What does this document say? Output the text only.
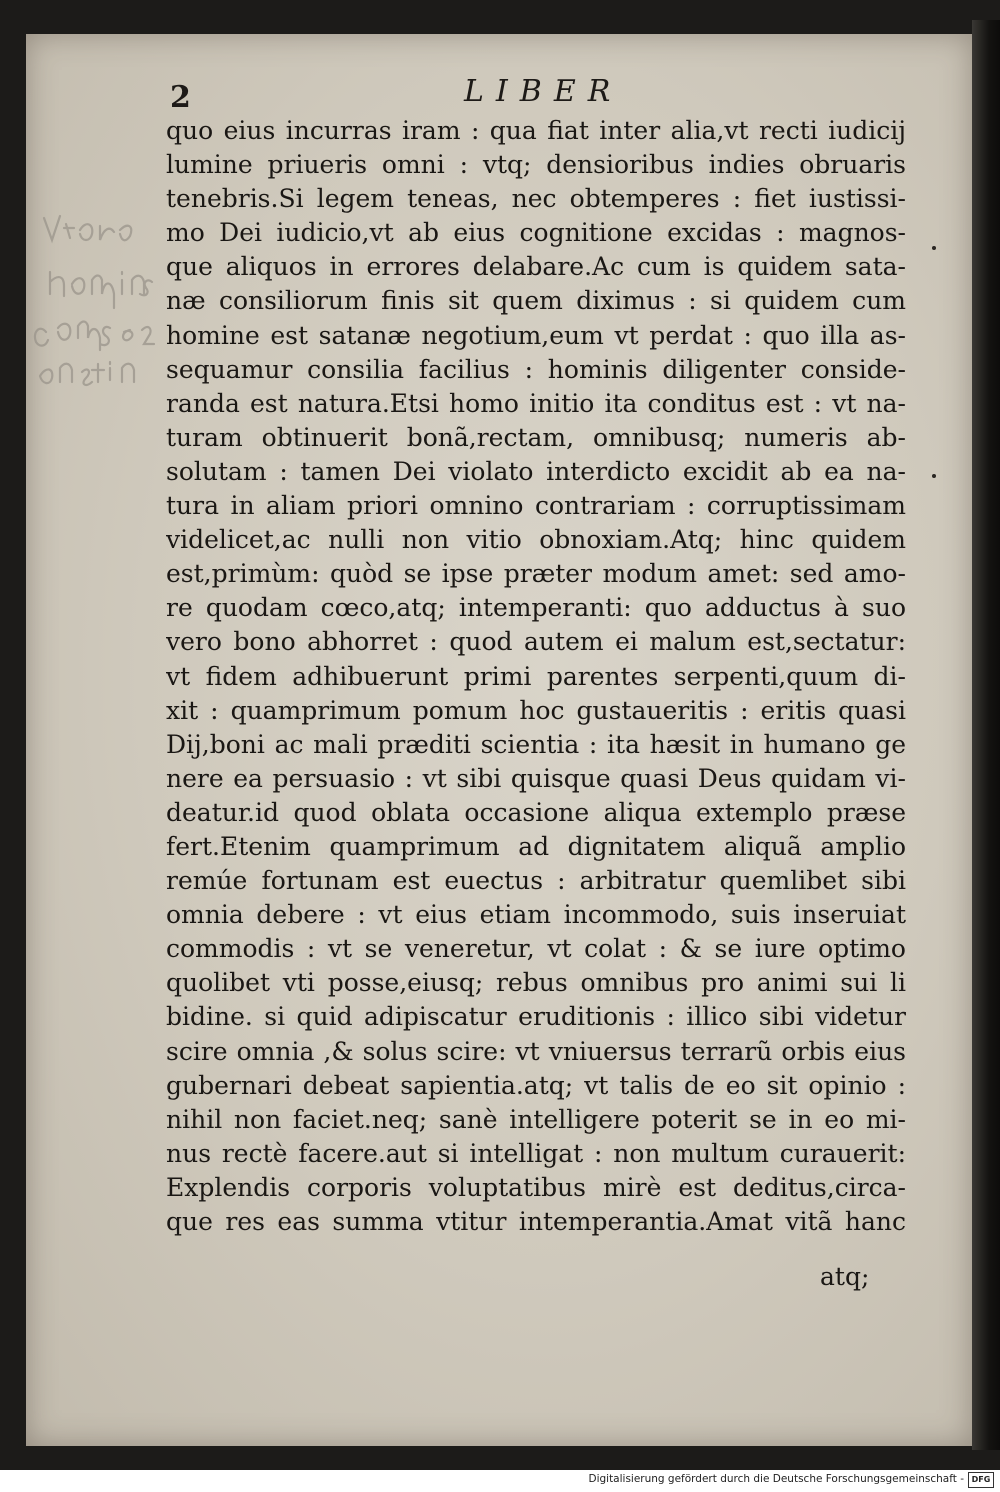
2	LIBER
quo eius incurras iram : qua fiat inter alia,vt recti iudicij
lumine priueris omni : vtq; densioribus indies obruaris
tenebris.Si legem teneas, nec obtemperes : fiet iustissi-
mo Dei iudicio,vt ab eius cognitione excidas : magnos-
que aliquos in errores delabare.Ac cum is quidem sata-
næ consiliorum finis sit quem diximus : si quidem cum
homine est satanæ negotium,eum vt perdat : quo illa as-
sequamur consilia facilius : hominis diligenter conside-
randa est natura.Etsi homo initio ita conditus est : vt na-
turam obtinuerit bonã,rectam, omnibusq; numeris ab-
solutam : tamen Dei violato interdicto excidit ab ea na-
tura in aliam priori omnino contrariam : corruptissimam
videlicet,ac nulli non vitio obnoxiam.Atq; hinc quidem
est,primùm: quòd se ipse præter modum amet: sed amo-
re quodam cœco,atq; intemperanti: quo adductus à suo
vero bono abhorret : quod autem ei malum est,sectatur:
vt fidem adhibuerunt primi parentes serpenti,quum di-
xit : quamprimum pomum hoc gustaueritis : eritis quasi
Dij,boni ac mali præditi scientia : ita hæsit in humano ge
nere ea persuasio : vt sibi quisque quasi Deus quidam vi-
deatur.id quod oblata occasione aliqua extemplo præse
fert.Etenim quamprimum ad dignitatem aliquã amplio
remúe fortunam est euectus : arbitratur quemlibet sibi
omnia debere : vt eius etiam incommodo, suis inseruiat
commodis : vt se veneretur, vt colat : & se iure optimo
quolibet vti posse,eiusq; rebus omnibus pro animi sui li
bidine. si quid adipiscatur eruditionis : illico sibi videtur
scire omnia ,& solus scire: vt vniuersus terrarũ orbis eius
gubernari debeat sapientia.atq; vt talis de eo sit opinio :
nihil non faciet.neq; sanè intelligere poterit se in eo mi-
nus rectè facere.aut si intelligat : non multum curauerit:
Explendis corporis voluptatibus mirè est deditus,circa-
que res eas summa vtitur intemperantia.Amat vitã hanc
atq;
Digitalisierung gefördert durch die Deutsche Forschungsgemeinschaft - DFG
